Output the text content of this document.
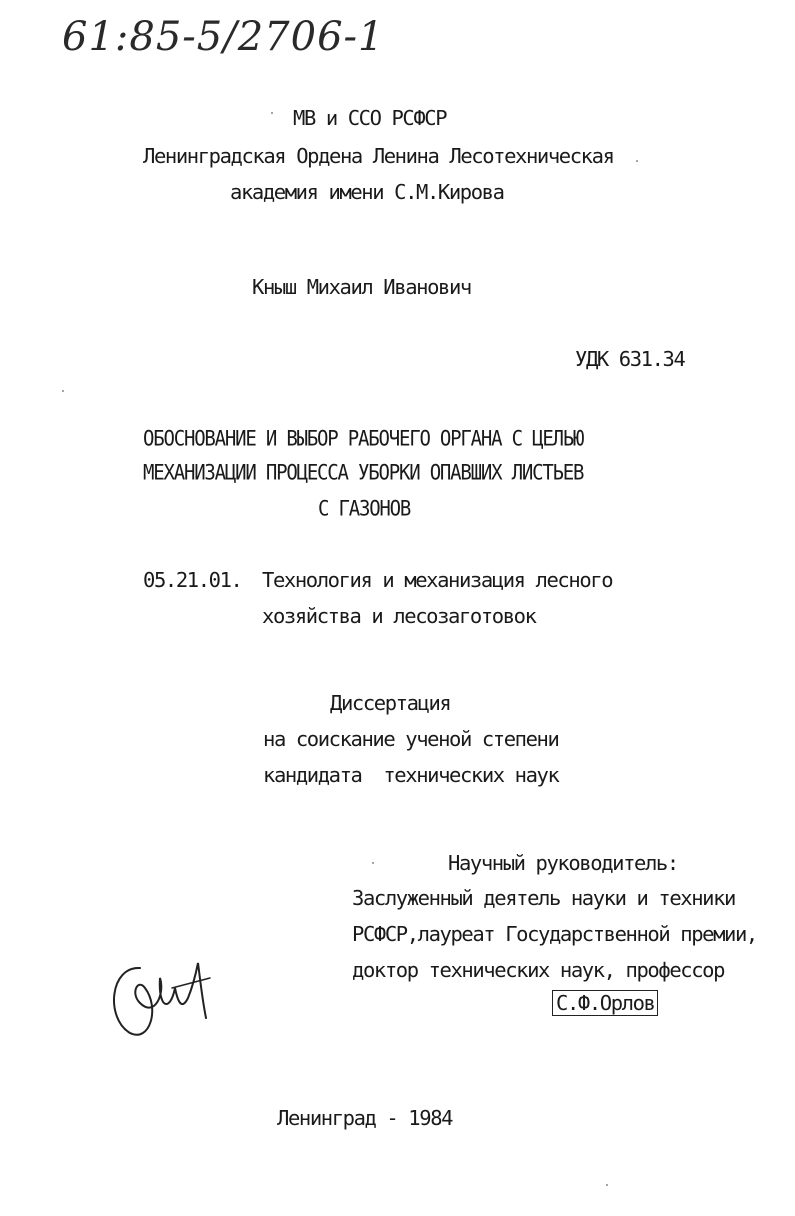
61:85-5/2706-1
МВ и ССО РСФСР
Ленинградская Ордена Ленина Лесотехническая
академия имени С.М.Кирова
Кныш Михаил Иванович
УДК 631.34
ОБОСНОВАНИЕ И ВЫБОР РАБОЧЕГО ОРГАНА С ЦЕЛЬЮ
МЕХАНИЗАЦИИ ПРОЦЕССА УБОРКИ ОПАВШИХ ЛИСТЬЕВ
С ГАЗОНОВ
05.21.01. Технология и механизация лесного
хозяйства и лесозаготовок
Диссертация
на соискание ученой степени
кандидата  технических наук
Научный руководитель:
Заслуженный деятель науки и техники
РСФСР,лауреат Государственной премии,
доктор технических наук, профессор
С.Ф.Орлов
Ленинград - 1984
